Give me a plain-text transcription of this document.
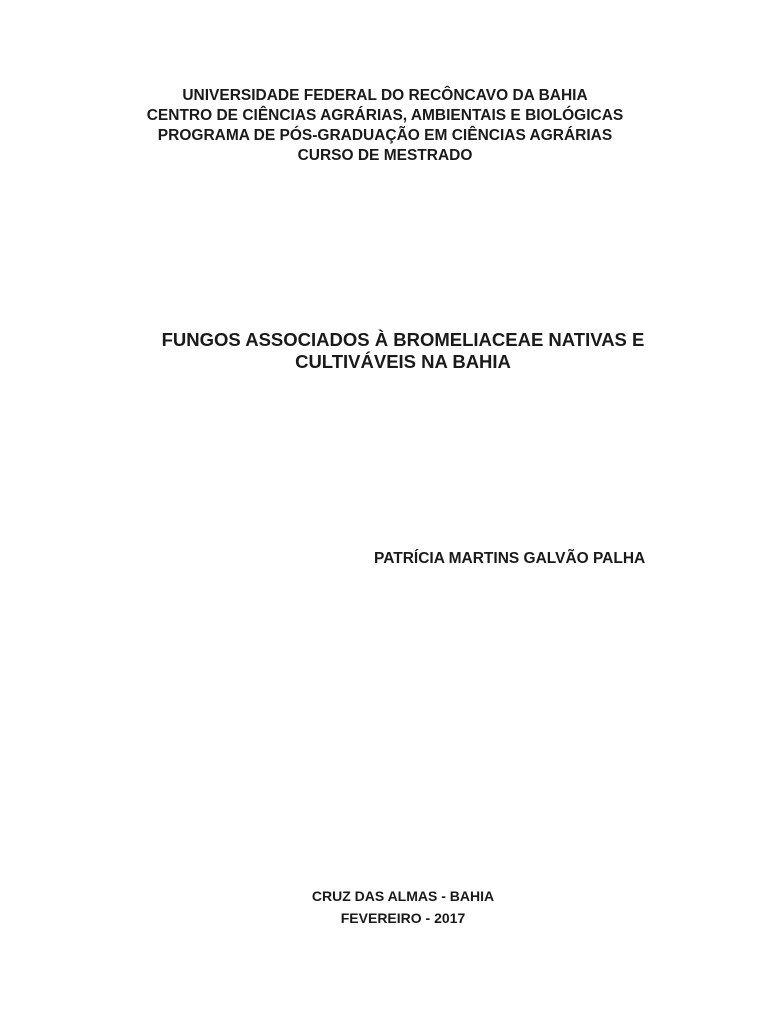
UNIVERSIDADE FEDERAL DO RECÔNCAVO DA BAHIA
CENTRO DE CIÊNCIAS AGRÁRIAS, AMBIENTAIS E BIOLÓGICAS
PROGRAMA DE PÓS-GRADUAÇÃO EM CIÊNCIAS AGRÁRIAS
CURSO DE MESTRADO
FUNGOS ASSOCIADOS À BROMELIACEAE NATIVAS E
CULTIVÁVEIS NA BAHIA
PATRÍCIA MARTINS GALVÃO PALHA
CRUZ DAS ALMAS - BAHIA
FEVEREIRO - 2017
